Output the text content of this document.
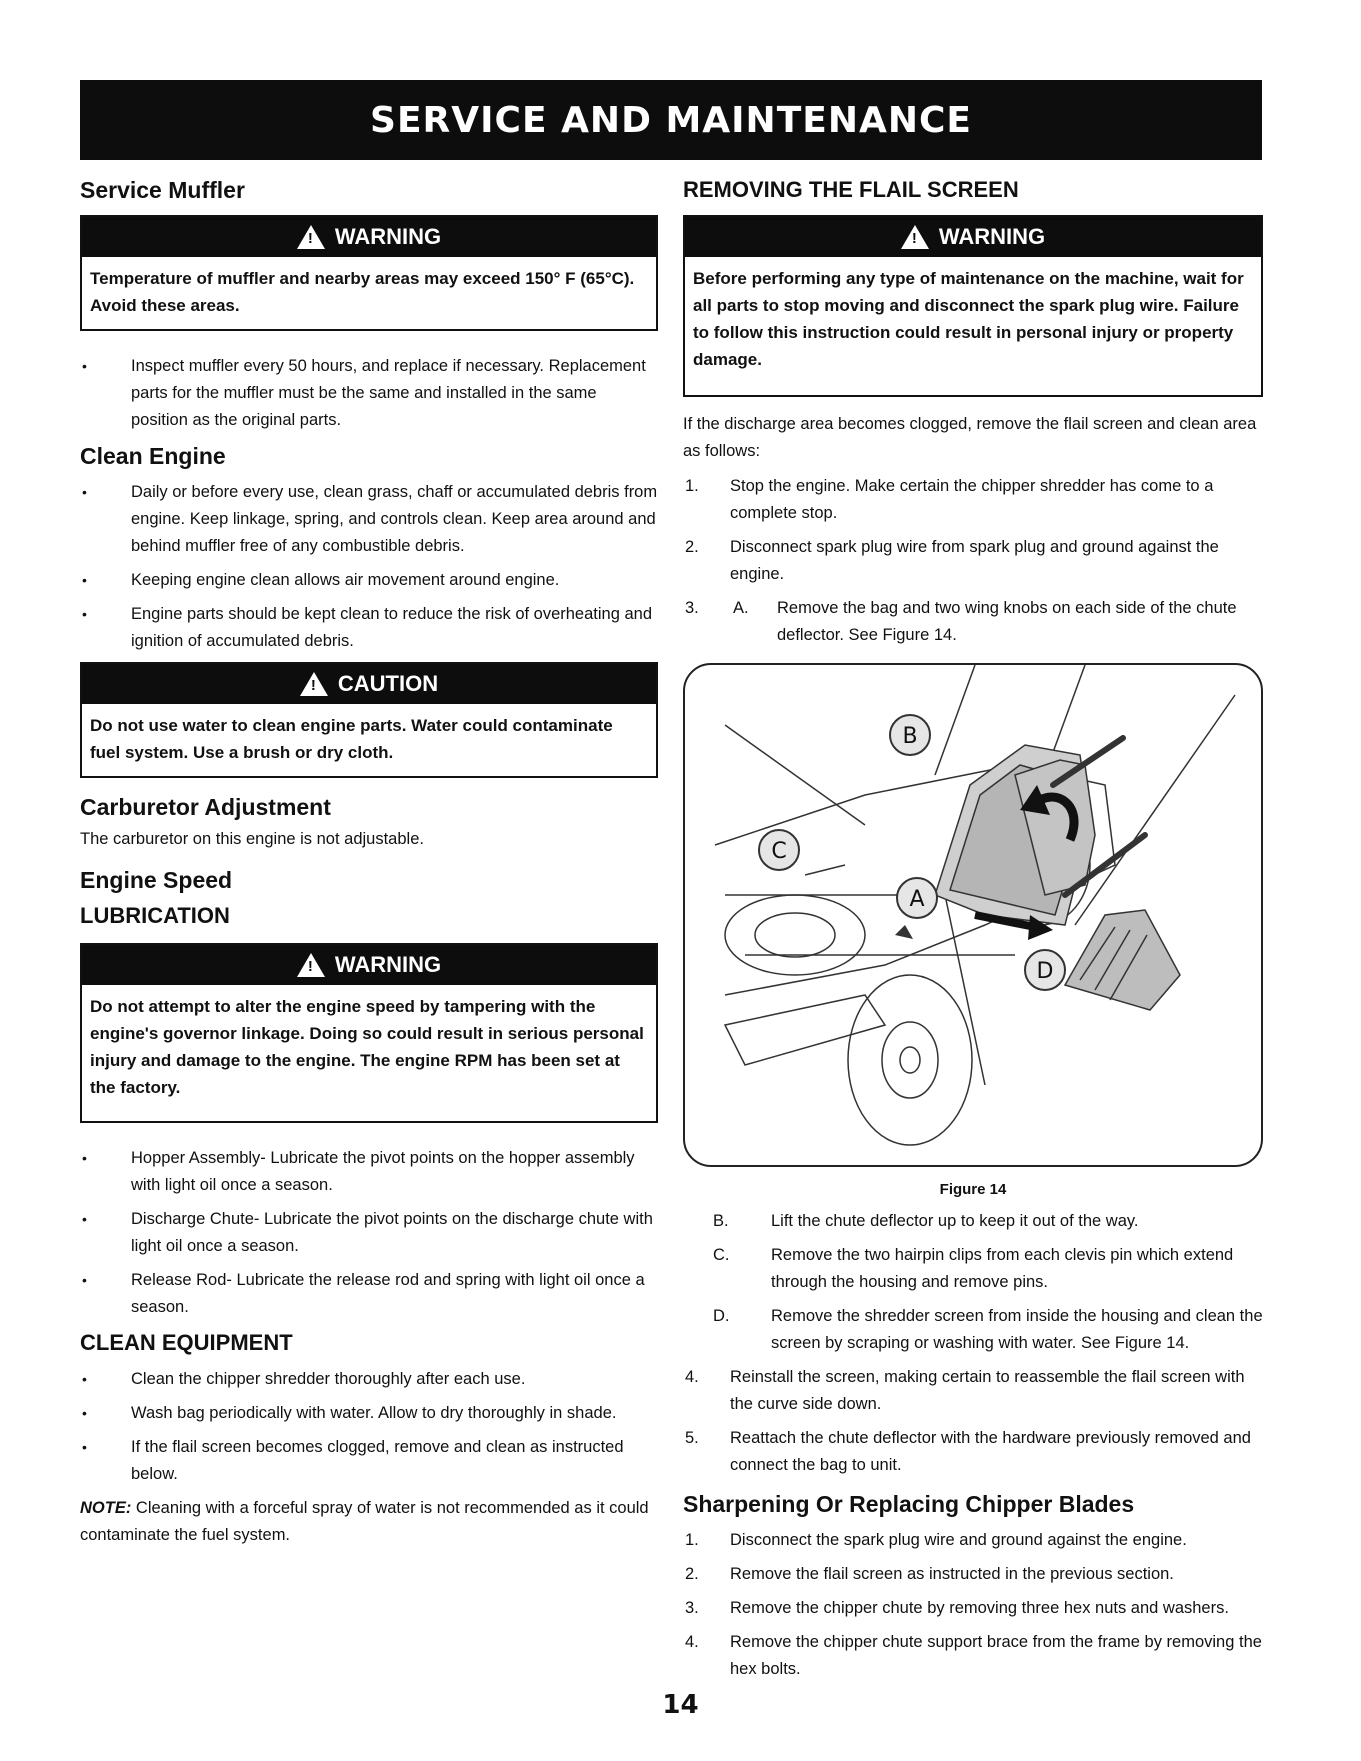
SERVICE AND MAINTENANCE
Service Muffler
!
WARNING
Temperature of muffler and nearby areas may exceed 150° F (65°C). Avoid these areas.
• Inspect muffler every 50 hours, and replace if necessary. Replacement parts for the muffler must be the same and installed in the same position as the original parts.
Clean Engine
• Daily or before every use, clean grass, chaff or accumulated debris from engine. Keep linkage, spring, and controls clean. Keep area around and behind muffler free of any combustible debris.
• Keeping engine clean allows air movement around engine.
• Engine parts should be kept clean to reduce the risk of overheating and ignition of accumulated debris.
!
CAUTION
Do not use water to clean engine parts. Water could contaminate fuel system. Use a brush or dry cloth.
Carburetor Adjustment

The carburetor on this engine is not adjustable.

Engine Speed
LUBRICATION
!
WARNING
Do not attempt to alter the engine speed by tampering with the engine's governor linkage. Doing so could result in serious personal injury and damage to the engine. The engine RPM has been set at the factory.
• Hopper Assembly- Lubricate the pivot points on the hopper assembly with light oil once a season.
• Discharge Chute- Lubricate the pivot points on the discharge chute with light oil once a season.
• Release Rod- Lubricate the release rod and spring with light oil once a season.
CLEAN EQUIPMENT
• Clean the chipper shredder thoroughly after each use.
• Wash bag periodically with water. Allow to dry thoroughly in shade.
• If the flail screen becomes clogged, remove and clean as instructed below.

NOTE: Cleaning with a forceful spray of water is not recommended as it could contaminate the fuel system.

REMOVING THE FLAIL SCREEN
!
WARNING
Before performing any type of maintenance on the machine, wait for all parts to stop moving and disconnect the spark plug wire. Failure to follow this instruction could result in personal injury or property damage.

If the discharge area becomes clogged, remove the flail screen and clean area as follows:

1. Stop the engine. Make certain the chipper shredder has come to a complete stop.
2. Disconnect spark plug wire from spark plug and ground against the engine.
3. A. Remove the bag and two wing knobs on each side of the chute deflector. See Figure 14.
B
C
A
D
Figure 14
B.	Lift the chute deflector up to keep it out of the way.
C.	Remove the two hairpin clips from each clevis pin which extend through the housing and remove pins.
D.	Remove the shredder screen from inside the housing and clean the screen by scraping or washing with water. See Figure 14.
4. Reinstall the screen, making certain to reassemble the flail screen with the curve side down.
5. Reattach the chute deflector with the hardware previously removed and connect the bag to unit.
Sharpening Or Replacing Chipper Blades
1. Disconnect the spark plug wire and ground against the engine.
2. Remove the flail screen as instructed in the previous section.
3. Remove the chipper chute by removing three hex nuts and washers.
4. Remove the chipper chute support brace from the frame by removing the hex bolts.
14
